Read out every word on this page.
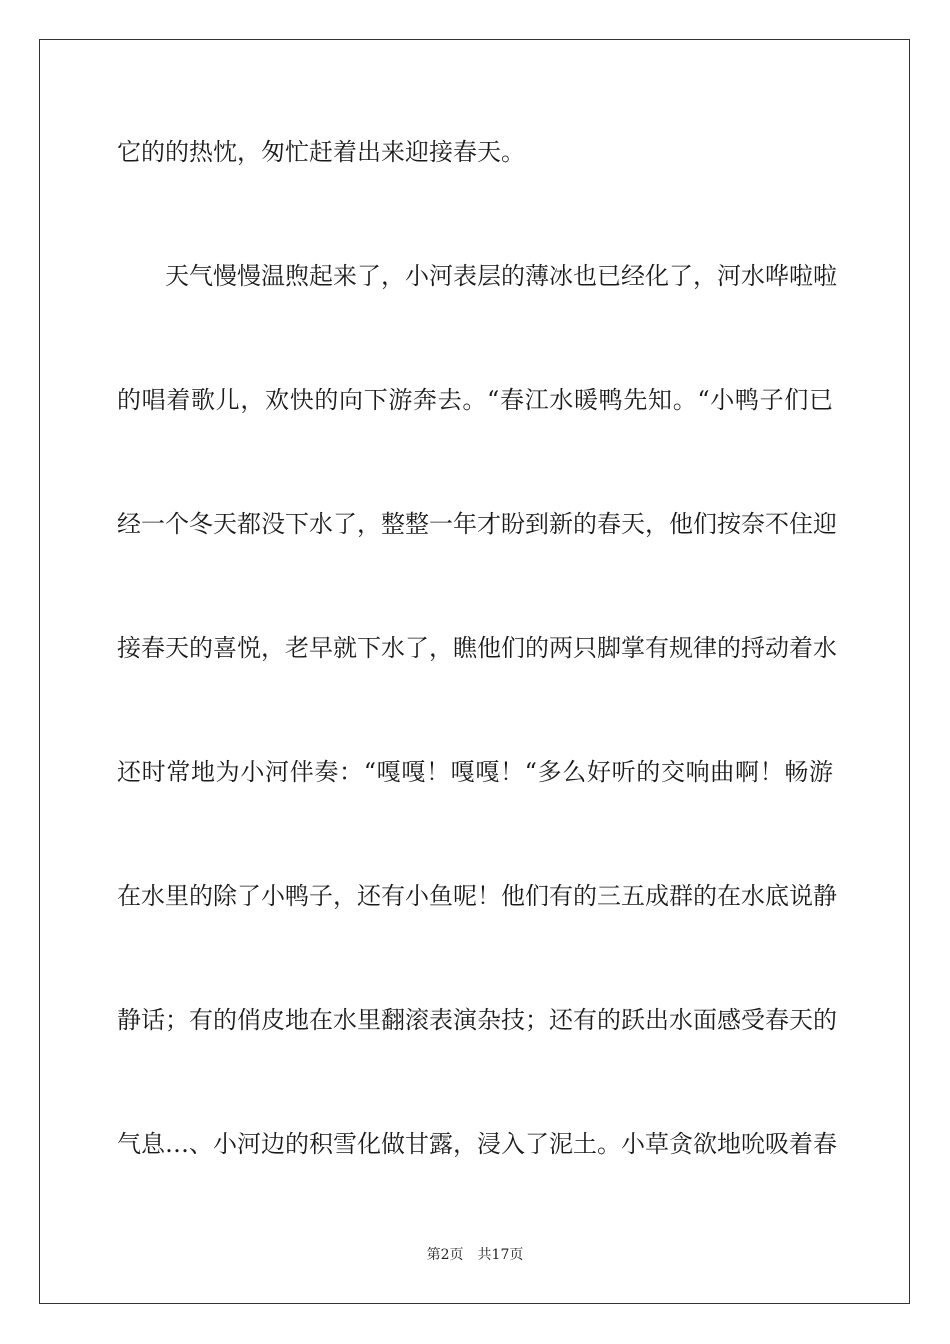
它的的热忱，匆忙赶着出来迎接春天。
天气慢慢温煦起来了，小河表层的薄冰也已经化了，河水哗啦啦
的唱着歌儿，欢快的向下游奔去。“春江水暖鸭先知。“小鸭子们已
经一个冬天都没下水了，整整一年才盼到新的春天，他们按奈不住迎
接春天的喜悦，老早就下水了，瞧他们的两只脚掌有规律的捋动着水
还时常地为小河伴奏：“嘎嘎！嘎嘎！“多么好听的交响曲啊！畅游
在水里的除了小鸭子，还有小鱼呢！他们有的三五成群的在水底说静
静话；有的俏皮地在水里翻滚表演杂技；还有的跃出水面感受春天的
气息…、小河边的积雪化做甘露，浸入了泥土。小草贪欲地吮吸着春
第2页 共17页
